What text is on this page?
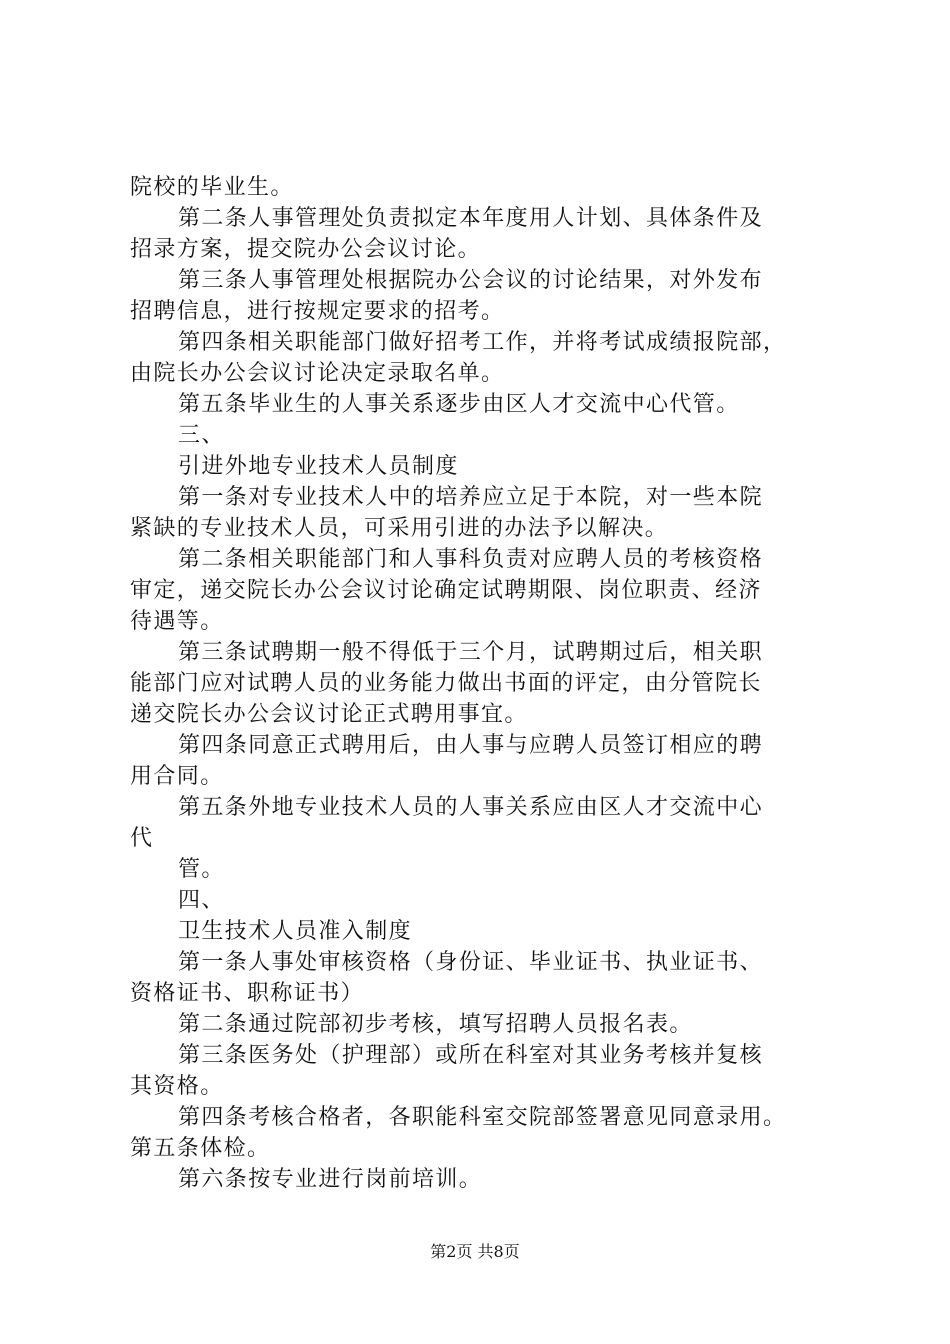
院校的毕业生。
第二条人事管理处负责拟定本年度用人计划、具体条件及
招录方案，提交院办公会议讨论。
第三条人事管理处根据院办公会议的讨论结果，对外发布
招聘信息，进行按规定要求的招考。
第四条相关职能部门做好招考工作，并将考试成绩报院部，
由院长办公会议讨论决定录取名单。
第五条毕业生的人事关系逐步由区人才交流中心代管。
三、
引进外地专业技术人员制度
第一条对专业技术人中的培养应立足于本院，对一些本院
紧缺的专业技术人员，可采用引进的办法予以解决。
第二条相关职能部门和人事科负责对应聘人员的考核资格
审定，递交院长办公会议讨论确定试聘期限、岗位职责、经济
待遇等。
第三条试聘期一般不得低于三个月，试聘期过后，相关职
能部门应对试聘人员的业务能力做出书面的评定，由分管院长
递交院长办公会议讨论正式聘用事宜。
第四条同意正式聘用后，由人事与应聘人员签订相应的聘
用合同。
第五条外地专业技术人员的人事关系应由区人才交流中心
代
管。
四、
卫生技术人员准入制度
第一条人事处审核资格（身份证、毕业证书、执业证书、
资格证书、职称证书）
第二条通过院部初步考核，填写招聘人员报名表。
第三条医务处（护理部）或所在科室对其业务考核并复核
其资格。
第四条考核合格者，各职能科室交院部签署意见同意录用。
第五条体检。
第六条按专业进行岗前培训。
第2页 共8页
